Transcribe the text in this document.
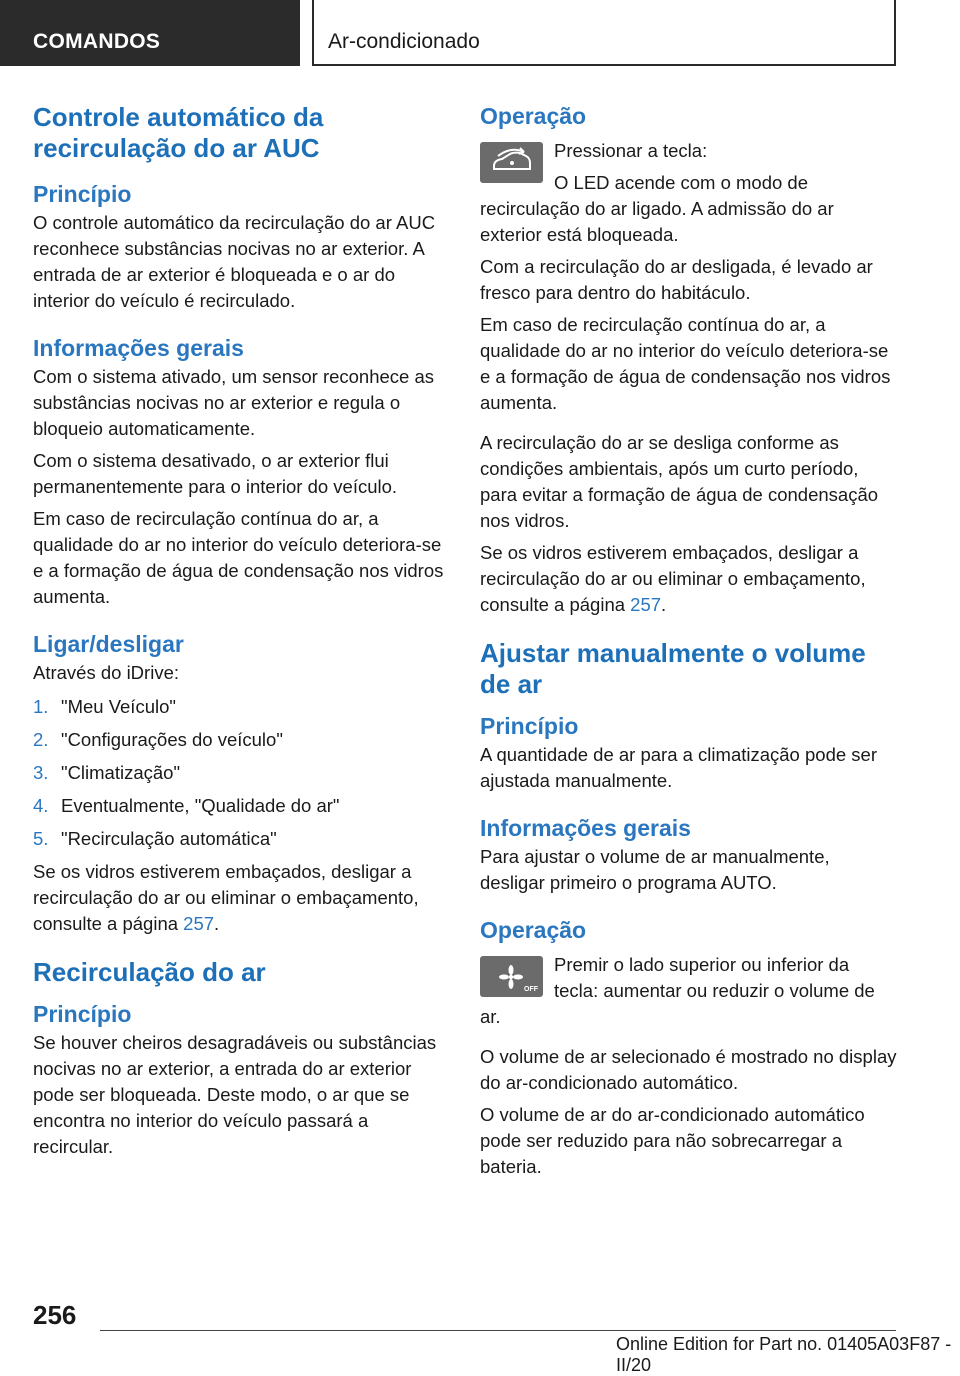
COMANDOS	Ar-condicionado
Controle automático da recirculação do ar AUC
Princípio

O controle automático da recirculação do ar AUC reconhece substâncias nocivas no ar exterior. A entrada de ar exterior é bloqueada e o ar do interior do veículo é recirculado.

Informações gerais

Com o sistema ativado, um sensor reconhece as substâncias nocivas no ar exterior e regula o bloqueio automaticamente.

Com o sistema desativado, o ar exterior flui permanentemente para o interior do veículo.

Em caso de recirculação contínua do ar, a qualidade do ar no interior do veículo deteriora-se e a formação de água de condensação nos vidros aumenta.

Ligar/desligar

Através do iDrive:

1. "Meu Veículo"
2. "Configurações do veículo"
3. "Climatização"
4. Eventualmente, "Qualidade do ar"
5. "Recirculação automática"

Se os vidros estiverem embaçados, desligar a recirculação do ar ou eliminar o embaçamento, consulte a página 257.

Recirculação do ar
Princípio

Se houver cheiros desagradáveis ou substâncias nocivas no ar exterior, a entrada do ar exterior pode ser bloqueada. Deste modo, o ar que se encontra no interior do veículo passará a recircular.

Operação

Pressionar a tecla:

O LED acende com o modo de recirculação do ar ligado. A admissão do ar exterior está bloqueada.

Com a recirculação do ar desligada, é levado ar fresco para dentro do habitáculo.

Em caso de recirculação contínua do ar, a qualidade do ar no interior do veículo deteriora-se e a formação de água de condensação nos vidros aumenta.

A recirculação do ar se desliga conforme as condições ambientais, após um curto período, para evitar a formação de água de condensação nos vidros.

Se os vidros estiverem embaçados, desligar a recirculação do ar ou eliminar o embaçamento, consulte a página 257.

Ajustar manualmente o volume de ar
Princípio

A quantidade de ar para a climatização pode ser ajustada manualmente.

Informações gerais

Para ajustar o volume de ar manualmente, desligar primeiro o programa AUTO.

Operação
OFF

Premir o lado superior ou inferior da tecla: aumentar ou reduzir o volume de ar.

O volume de ar selecionado é mostrado no display do ar-condicionado automático.

O volume de ar do ar-condicionado automático pode ser reduzido para não sobrecarregar a bateria.

256
Online Edition for Part no. 01405A03F87 - II/20
